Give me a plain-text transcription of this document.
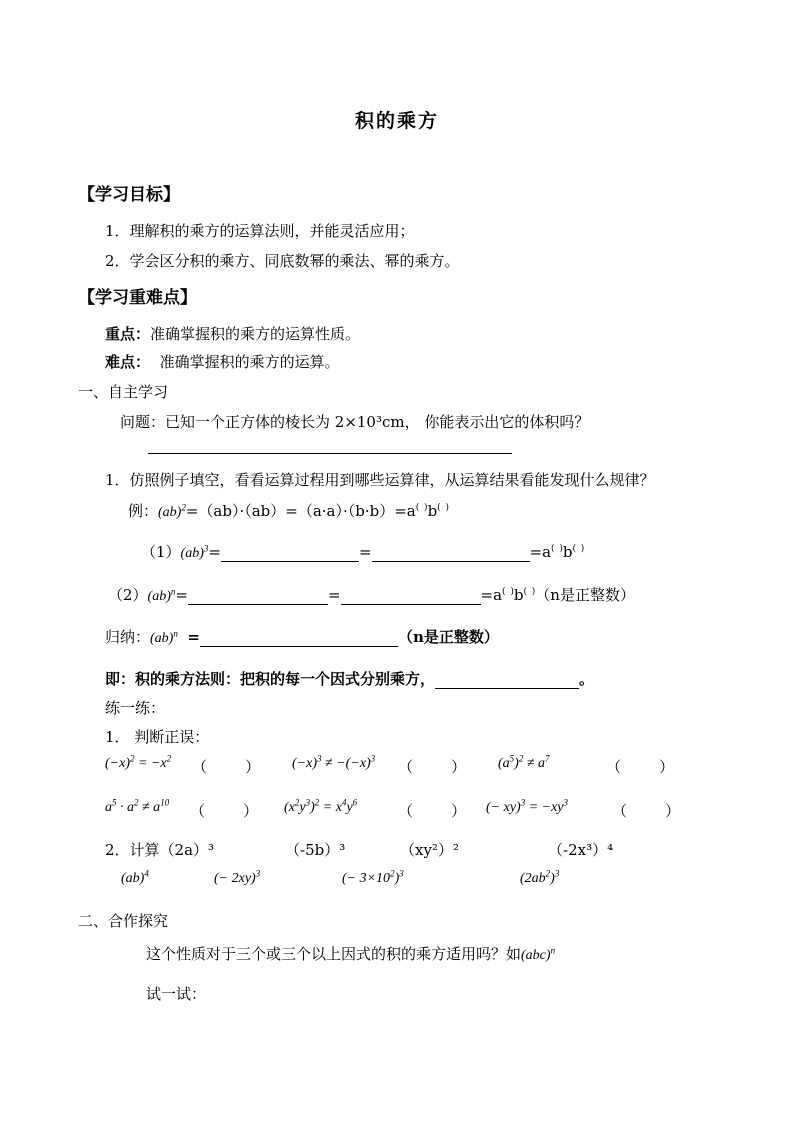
积的乘方
【学习目标】
1．理解积的乘方的运算法则，并能灵活应用；
2．学会区分积的乘方、同底数幂的乘法、幂的乘方。
【学习重难点】
重点：准确掌握积的乘方的运算性质。
难点： 准确掌握积的乘方的运算。
一、自主学习
问题：已知一个正方体的棱长为 2×10³cm， 你能表示出它的体积吗？
1．仿照例子填空，看看运算过程用到哪些运算律，从运算结果看能发现什么规律？
例：(ab)$^2$=（ab）·（ab）=（a·a）·（b·b）=a( )b( )
（1）(ab)$^3$=	=	=a( )b( )
（2）(ab)$^n$=	=	=a( )b( )（n是正整数）
归纳：(ab)$^n$ =	（n是正整数）
即：积的乘方法则：把积的每一个因式分别乘方，	。
练一练：
1． 判断正误：
$(-x)^2 = -x^2$ （        ） $(-x)^3 \ne -(-x)^3$ （        ） $(a^5)^2 \ne a^7$	（        ）
$a^5 \cdot a^2 \ne a^{10}$ （        ） $(x^2y^3)^2 = x^4y^6$	（        ） (− $xy)^3 = -xy^3$	（        ）
2．计算（2a）³	（-5b）³	（xy²）²	（-2x³）⁴
(ab)$^4$	(− 2xy)$^3$	(− $3\times 10^2)^3$	$(2ab^2)^3$
二、合作探究
这个性质对于三个或三个以上因式的积的乘方适用吗？如(abc)$^n$
试一试：
